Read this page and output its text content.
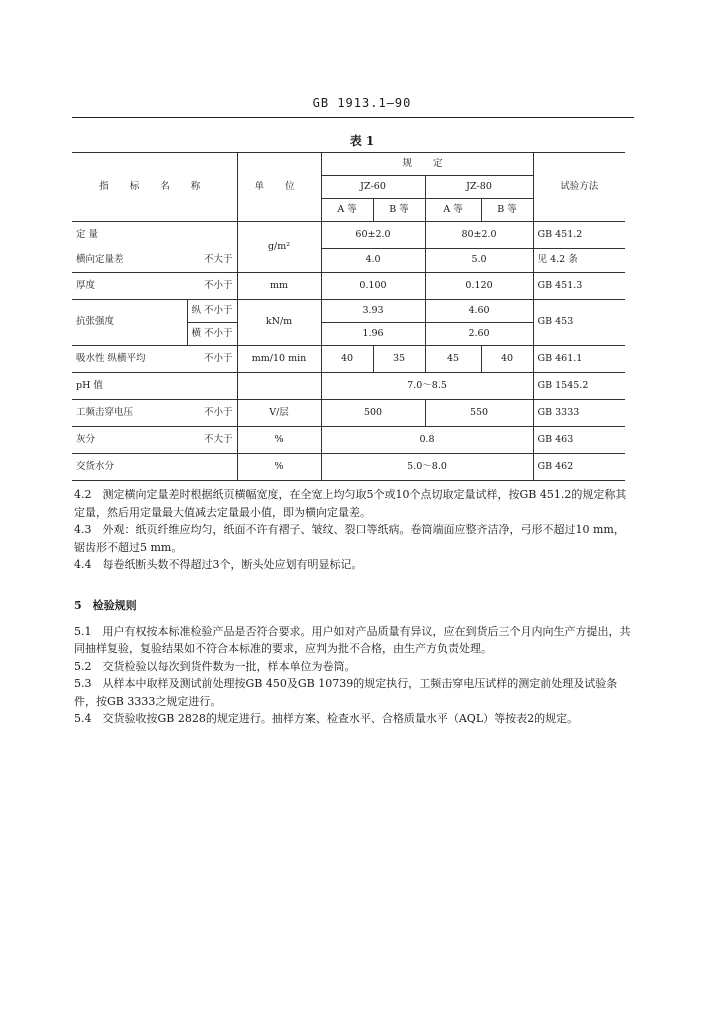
GB 1913.1—90
表 1
指 标 名 称		单 位	规 定				试验方法
			JZ-60		JZ-80		
			A 等	B 等	A 等	B 等	
定 量		g/m²	60±2.0		80±2.0		GB 451.2

横向定量差 不大于			4.0		5.0		见 4.2 条

厚度 不小于		mm	0.100		0.120		GB 451.3
抗张强度	纵 不小于	kN/m	3.93		4.60		GB 453

	横 不小于		1.96		2.60		

吸水性 纵横平均 不小于		mm/10 min	40	35	45	40	GB 461.1
pH 值			7.0～8.5				GB 1545.2

工频击穿电压 不小于		V/层	500		550		GB 3333

灰分 不大于		%	0.8				GB 463
交货水分		%	5.0～8.0				GB 462

4.2　测定横向定量差时根据纸页横幅宽度，在全宽上均匀取5个或10个点切取定量试样，按GB 451.2的规定称其定量，然后用定量最大值减去定量最小值，即为横向定量差。

4.3　外观：纸页纤维应均匀，纸面不许有褶子、皱纹、裂口等纸病。卷筒端面应整齐洁净，弓形不超过10 mm，锯齿形不超过5 mm。

4.4　每卷纸断头数不得超过3个，断头处应划有明显标记。

5　检验规则

5.1　用户有权按本标准检验产品是否符合要求。用户如对产品质量有异议，应在到货后三个月内向生产方提出，共同抽样复验，复验结果如不符合本标准的要求，应判为批不合格，由生产方负责处理。

5.2　交货检验以每次到货件数为一批，样本单位为卷筒。

5.3　从样本中取样及测试前处理按GB 450及GB 10739的规定执行，工频击穿电压试样的测定前处理及试验条件，按GB 3333之规定进行。

5.4　交货验收按GB 2828的规定进行。抽样方案、检查水平、合格质量水平（AQL）等按表2的规定。
